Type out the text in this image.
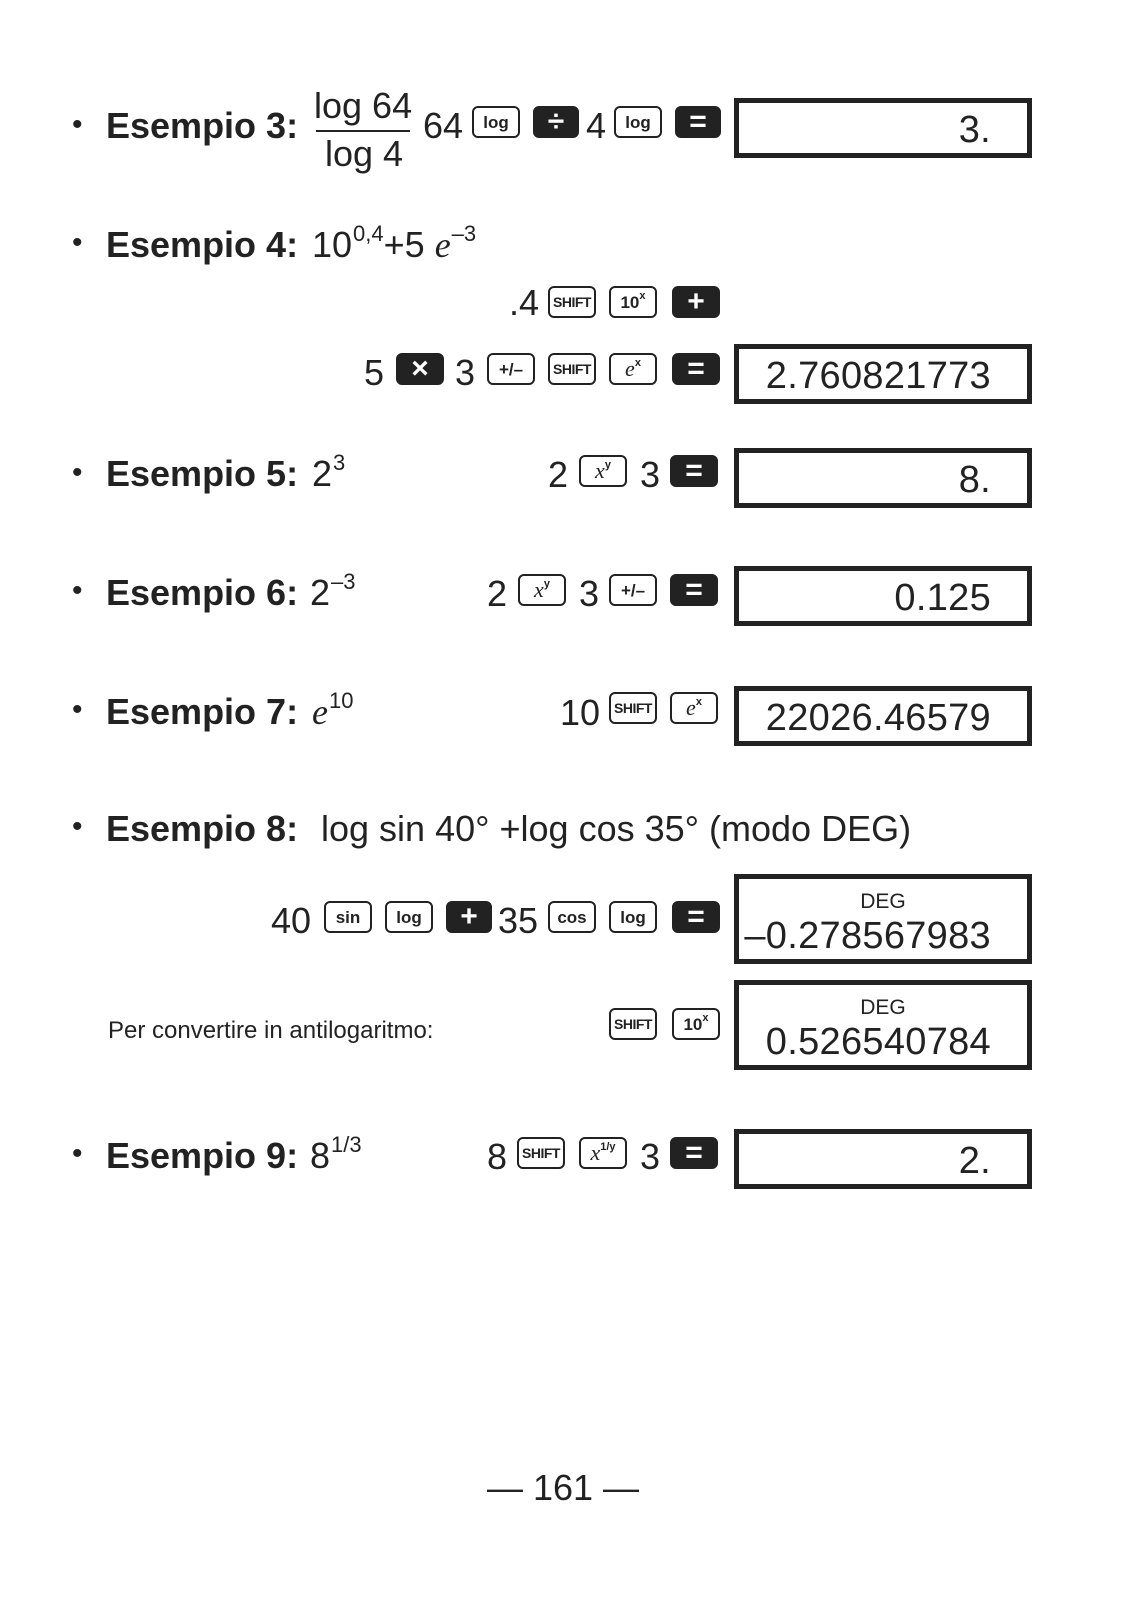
• Esempio 3: log 64
log 4
64	log	÷ 4	log	=	3.
• Esempio 4: $10^{0,4}+5$ $e^{-3}$
.4 SHIFT 10 x	+
5 × 3	+/–	SHIFT e x	=	2.760821773
• Esempio 5: $2^3$	2 x y 3 =	8.
• Esempio 6: $2^{-3}$	2 x y 3	+/–	=	0.125
• Esempio 7: $e^{10}$	10 SHIFT e x 22026.46579
• Esempio 8: log sin 40° +log cos 35° (modo DEG)
40	sin	log	+ 35	cos	log	=	DEG
–0.278567983
Per convertire in antilogaritmo:	SHIFT 10 x	DEG
0.526540784
• Esempio 9: $8^{1/3}$	8	SHIFT x 1/y 3 =	2.
— 161 —
